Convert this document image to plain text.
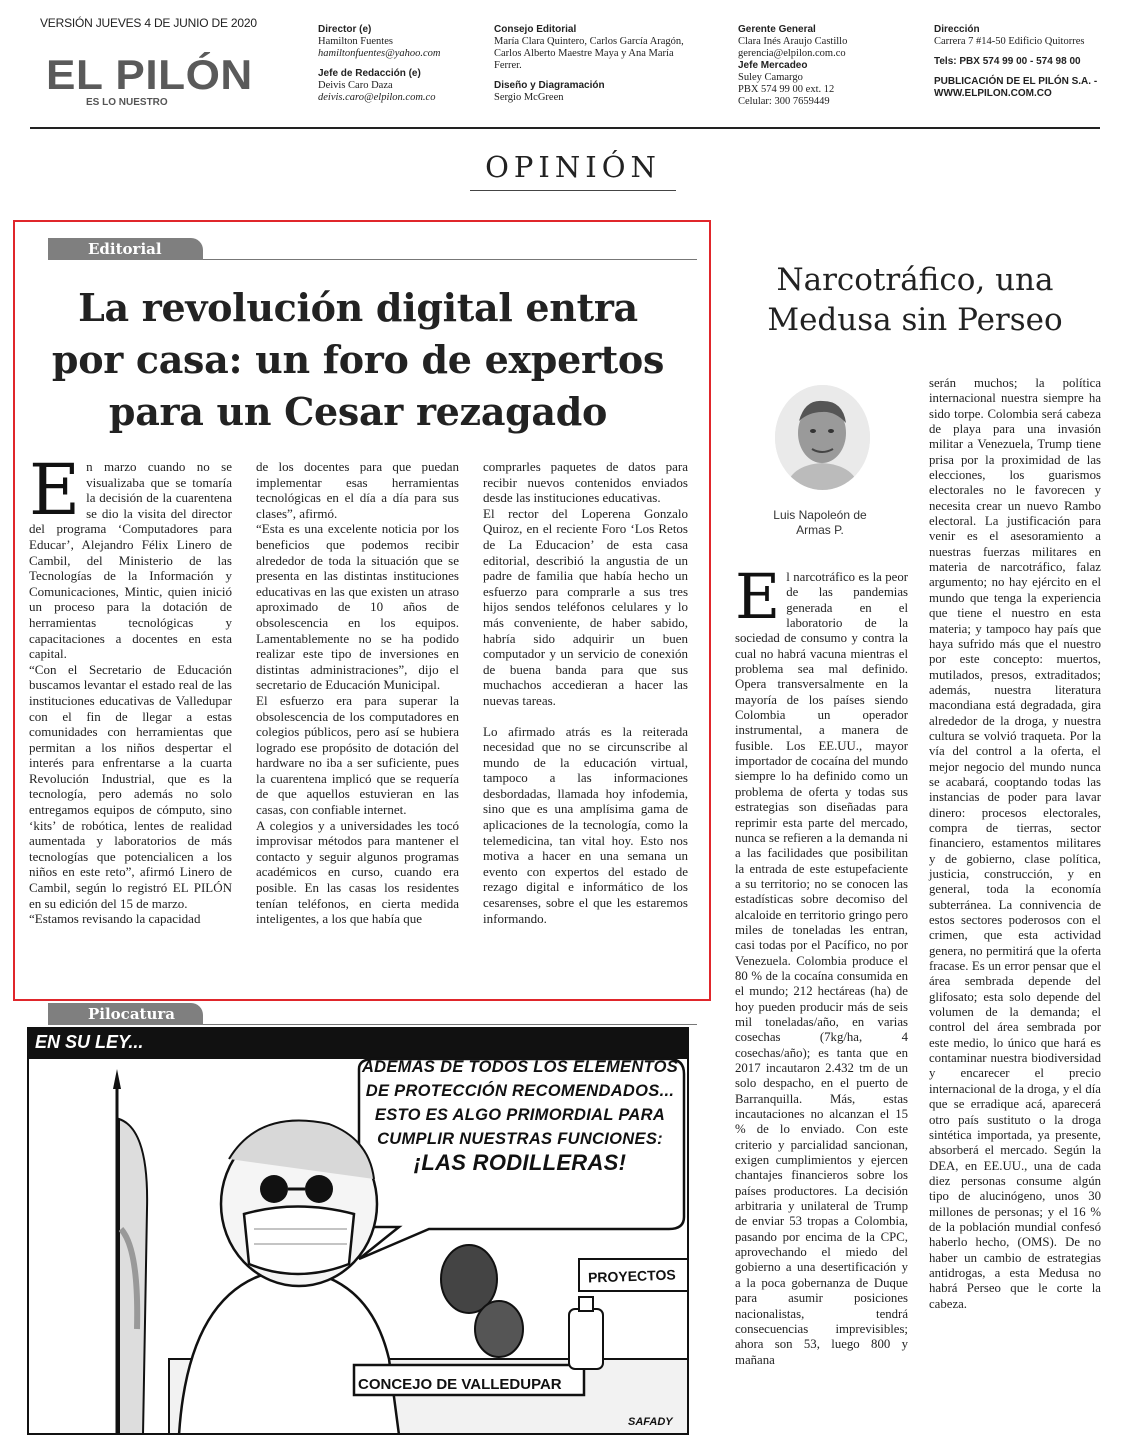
VERSIÓN JUEVES 4 DE JUNIO DE 2020
EL PILÓN
ES LO NUESTRO
Director (e)
Hamilton Fuentes
hamiltonfuentes@yahoo.com
Jefe de Redacción (e)
Deivis Caro Daza
deivis.caro@elpilon.com.co
Consejo Editorial
María Clara Quintero, Carlos García Aragón,
Carlos Alberto Maestre Maya y Ana María
Ferrer.
Diseño y Diagramación
Sergio McGreen
Gerente General
Clara Inés Araujo Castillo
gerencia@elpilon.com.co
Jefe Mercadeo
Suley Camargo
PBX 574 99 00 ext. 12
Celular: 300 7659449
Dirección
Carrera 7 #14-50 Edificio Quitorres
Tels: PBX 574 99 00 - 574 98 00
PUBLICACIÓN DE EL PILÓN S.A. -
WWW.ELPILON.COM.CO
OPINIÓN
Editorial
La revolución digital entra
por casa: un foro de expertos
para un Cesar rezagado

En marzo cuando no se visualizaba que se tomaría la decisión de la cuarentena se dio la visita del director del programa ‘Computadores para Educar’, Alejandro Félix Linero de Cambil, del Ministerio de las Tecnologías de la Información y Comunicaciones, Mintic, quien inició un proceso para la dotación de herramientas tecnológicas y capacitaciones a docentes en esta capital.

“Con el Secretario de Educación buscamos levantar el estado real de las instituciones educativas de Valledupar con el fin de llegar a estas comunidades con herramientas que permitan a los niños despertar el interés para enfrentarse a la cuarta Revolución Industrial, que es la tecnología, pero además no solo entregamos equipos de cómputo, sino ‘kits’ de robótica, lentes de realidad aumentada y laboratorios de más tecnologías que potencialicen a los niños en este reto”, afirmó Linero de Cambil, según lo registró EL PILÓN en su edición del 15 de marzo.

“Estamos revisando la capacidad

de los docentes para que puedan implementar esas herramientas tecnológicas en el día a día para sus clases”, afirmó.

“Esta es una excelente noticia por los beneficios que podemos recibir alrededor de toda la situación que se presenta en las distintas instituciones educativas en las que existen un atraso aproximado de 10 años de obsolescencia en los equipos. Lamentablemente no se ha podido realizar este tipo de inversiones en distintas administraciones”, dijo el secretario de Educación Municipal.

El esfuerzo era para superar la obsolescencia de los computadores en colegios públicos, pero así se hubiera logrado ese propósito de dotación del hardware no iba a ser suficiente, pues la cuarentena implicó que se requería de que aquellos estuvieran en las casas, con confiable internet.

A colegios y a universidades les tocó improvisar métodos para mantener el contacto y seguir algunos programas académicos en curso, cuando era posible. En las casas los residentes tenían teléfonos, en cierta medida inteligentes, a los que había que

comprarles paquetes de datos para recibir nuevos contenidos enviados desde las instituciones educativas.

El rector del Loperena Gonzalo Quiroz, en el reciente Foro ‘Los Retos de La Educacion’ de esta casa editorial, describió la angustia de un padre de familia que había hecho un esfuerzo para comprarle a sus tres hijos sendos teléfonos celulares y lo más conveniente, de haber sabido, habría sido adquirir un buen computador y un servicio de conexión de buena banda para que sus muchachos accedieran a hacer las nuevas tareas.

Lo afirmado atrás es la reiterada necesidad que no se circunscribe al mundo de la educación virtual, tampoco a las informaciones desbordadas, llamada hoy infodemia, sino que es una amplísima gama de aplicaciones de la tecnología, como la telemedicina, tan vital hoy. Esto nos motiva a hacer en una semana un evento con expertos del estado de rezago digital e informático de los cesarenses, sobre el que les estaremos informando.

Pilocatura
EN SU LEY...
ADEMÁS DE TODOS LOS ELEMENTOS
DE PROTECCIÓN RECOMENDADOS...
ESTO ES ALGO PRIMORDIAL PARA
CUMPLIR NUESTRAS FUNCIONES:
¡LAS RODILLERAS!
PROYECTOS
CONCEJO DE VALLEDUPAR
SAFADY
Narcotráfico, una
Medusa sin Perseo
Luis Napoleón de
Armas P.

El narcotráfico es la peor de las pandemias generada en el laboratorio de la sociedad de consumo y contra la cual no habrá vacuna mientras el problema sea mal definido. Opera transversalmente en la mayoría de los países siendo Colombia un operador instrumental, a manera de fusible. Los EE.UU., mayor importador de cocaína del mundo siempre lo ha definido como un problema de oferta y todas sus estrategias son diseñadas para reprimir esta parte del mercado, nunca se refieren a la demanda ni a las facilidades que posibilitan la entrada de este estupefaciente a su territorio; no se conocen las estadísticas sobre decomiso del alcaloide en territorio gringo pero miles de toneladas les entran, casi todas por el Pacífico, no por Venezuela. Colombia produce el 80 % de la cocaína consumida en el mundo; 212 hectáreas (ha) de hoy pueden producir más de seis mil toneladas/año, en varias cosechas (7kg/ha, 4 cosechas/año); es tanta que en 2017 incautaron 2.432 tm de un solo despacho, en el puerto de Barranquilla. Más, estas incautaciones no alcanzan el 15 % de lo enviado. Con este criterio y parcialidad sancionan, exigen cumplimientos y ejercen chantajes financieros sobre los países productores. La decisión arbitraria y unilateral de Trump de enviar 53 tropas a Colombia, pasando por encima de la CPC, aprovechando el miedo del gobierno a una desertificación y a la poca gobernanza de Duque para asumir posiciones nacionalistas, tendrá consecuencias imprevisibles; ahora son 53, luego 800 y mañana

serán muchos; la política internacional nuestra siempre ha sido torpe. Colombia será cabeza de playa para una invasión militar a Venezuela, Trump tiene prisa por la proximidad de las elecciones, los guarismos electorales no le favorecen y necesita crear un nuevo Rambo electoral. La justificación para venir es el asesoramiento a nuestras fuerzas militares en materia de narcotráfico, falaz argumento; no hay ejército en el mundo que tenga la experiencia que tiene el nuestro en esta materia; y tampoco hay país que haya sufrido más que el nuestro por este concepto: muertos, mutilados, presos, extraditados; además, nuestra literatura macondiana está degradada, gira alrededor de la droga, y nuestra cultura se volvió traqueta. Por la vía del control a la oferta, el mejor negocio del mundo nunca se acabará, cooptando todas las instancias de poder para lavar dinero: procesos electorales, compra de tierras, sector financiero, estamentos militares y de gobierno, clase política, justicia, construcción, y en general, toda la economía subterránea. La connivencia de estos sectores poderosos con el crimen, que esta actividad genera, no permitirá que la oferta fracase. Es un error pensar que el área sembrada depende del glifosato; esta solo depende del volumen de la demanda; el control del área sembrada por este medio, lo único que hará es contaminar nuestra biodiversidad y encarecer el precio internacional de la droga, y el día que se erradique acá, aparecerá otro país sustituto o la droga sintética importada, ya presente, absorberá el mercado. Según la DEA, en EE.UU., una de cada diez personas consume algún tipo de alucinógeno, unos 30 millones de personas; y el 16 % de la población mundial confesó haberlo hecho, (OMS). De no haber un cambio de estrategias antidrogas, a esta Medusa no habrá Perseo que le corte la cabeza.
